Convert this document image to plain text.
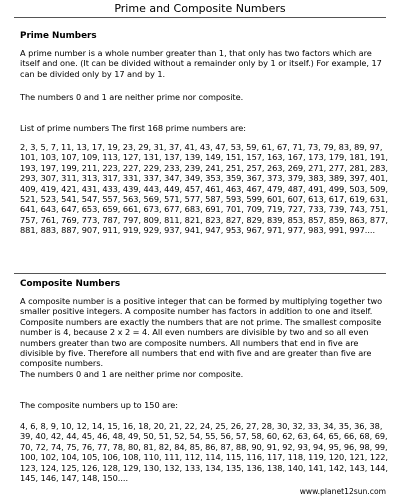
Prime and Composite Numbers
Prime Numbers
A prime number is a whole number greater than 1, that only has two factors which are itself and one. (It can be divided without a remainder only by 1 or itself.) For example, 17 can be divided only by 17 and by 1.
The numbers 0 and 1 are neither prime nor composite.
List of prime numbers The first 168 prime numbers are:
2, 3, 5, 7, 11, 13, 17, 19, 23, 29, 31, 37, 41, 43, 47, 53, 59, 61, 67, 71, 73, 79, 83, 89, 97, 101, 103, 107, 109, 113, 127, 131, 137, 139, 149, 151, 157, 163, 167, 173, 179, 181, 191, 193, 197, 199, 211, 223, 227, 229, 233, 239, 241, 251, 257, 263, 269, 271, 277, 281, 283, 293, 307, 311, 313, 317, 331, 337, 347, 349, 353, 359, 367, 373, 379, 383, 389, 397, 401, 409, 419, 421, 431, 433, 439, 443, 449, 457, 461, 463, 467, 479, 487, 491, 499, 503, 509, 521, 523, 541, 547, 557, 563, 569, 571, 577, 587, 593, 599, 601, 607, 613, 617, 619, 631, 641, 643, 647, 653, 659, 661, 673, 677, 683, 691, 701, 709, 719, 727, 733, 739, 743, 751, 757, 761, 769, 773, 787, 797, 809, 811, 821, 823, 827, 829, 839, 853, 857, 859, 863, 877, 881, 883, 887, 907, 911, 919, 929, 937, 941, 947, 953, 967, 971, 977, 983, 991, 997....
Composite Numbers
A composite number is a positive integer that can be formed by multiplying together two smaller positive integers. A composite number has factors in addition to one and itself. Composite numbers are exactly the numbers that are not prime. The smallest composite number is 4, because 2 x 2 = 4. All even numbers are divisible by two and so all even numbers greater than two are composite numbers. All numbers that end in five are divisible by five. Therefore all numbers that end with five and are greater than five are composite numbers.
The numbers 0 and 1 are neither prime nor composite.
The composite numbers up to 150 are:
4, 6, 8, 9, 10, 12, 14, 15, 16, 18, 20, 21, 22, 24, 25, 26, 27, 28, 30, 32, 33, 34, 35, 36, 38, 39, 40, 42, 44, 45, 46, 48, 49, 50, 51, 52, 54, 55, 56, 57, 58, 60, 62, 63, 64, 65, 66, 68, 69, 70, 72, 74, 75, 76, 77, 78, 80, 81, 82, 84, 85, 86, 87, 88, 90, 91, 92, 93, 94, 95, 96, 98, 99, 100, 102, 104, 105, 106, 108, 110, 111, 112, 114, 115, 116, 117, 118, 119, 120, 121, 122, 123, 124, 125, 126, 128, 129, 130, 132, 133, 134, 135, 136, 138, 140, 141, 142, 143, 144, 145, 146, 147, 148, 150....
www.planet12sun.com
